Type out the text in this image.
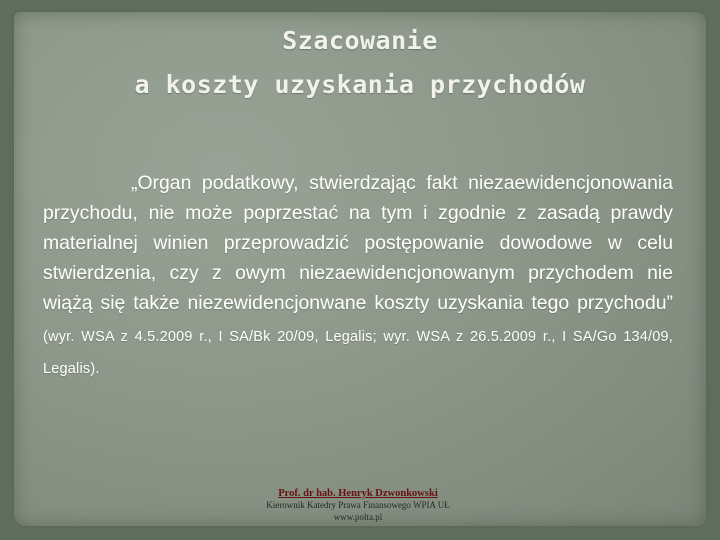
Szacowanie
a koszty uzyskania przychodów

„Organ podatkowy, stwierdzając fakt niezaewidencjonowania przychodu, nie może poprzestać na tym i zgodnie z zasadą prawdy materialnej winien przeprowadzić postępowanie dowodowe w celu stwierdzenia, czy z owym niezaewidencjonowanym przychodem nie wiążą się także niezewidencjonwane koszty uzyskania tego przychodu” (wyr. WSA z 4.5.2009 r., I SA/Bk 20/09, Legalis; wyr. WSA z 26.5.2009 r., I SA/Go 134/09, Legalis).

Prof. dr hab. Henryk Dzwonkowski
Kierownik Katedry Prawa Finansowego WPIA UŁ
www.polta.pl
